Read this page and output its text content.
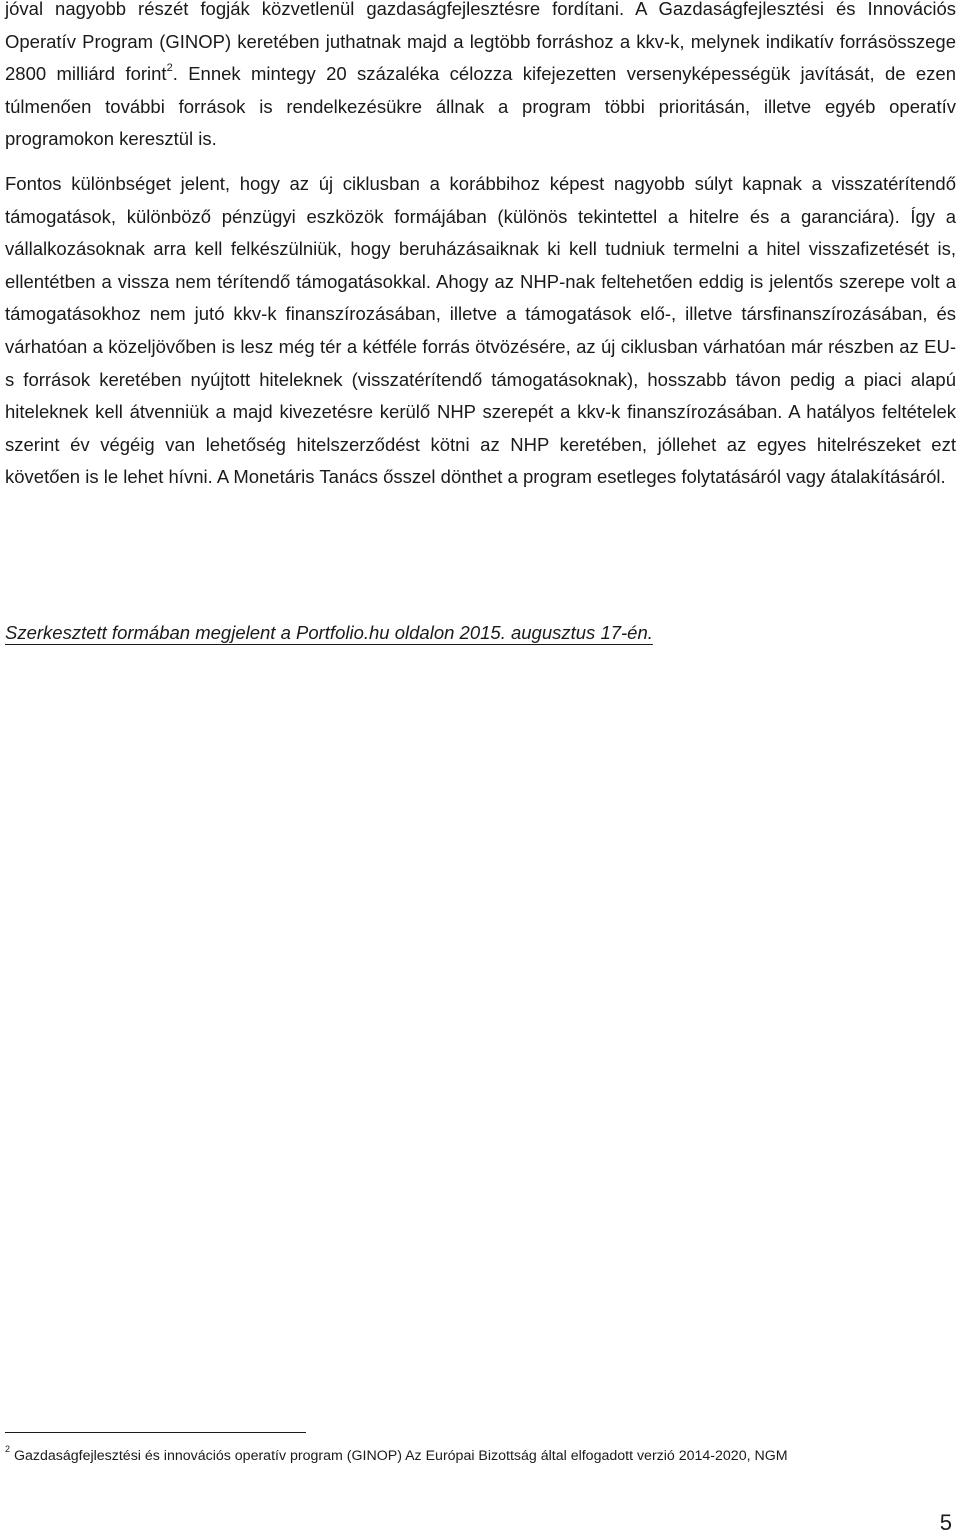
jóval nagyobb részét fogják közvetlenül gazdaságfejlesztésre fordítani. A Gazdaságfejlesztési és Innovációs Operatív Program (GINOP) keretében juthatnak majd a legtöbb forráshoz a kkv-k, melynek indikatív forrásösszege 2800 milliárd forint$^2$. Ennek mintegy 20 százaléka célozza kifejezetten versenyképességük javítását, de ezen túlmenően további források is rendelkezésükre állnak a program többi prioritásán, illetve egyéb operatív programokon keresztül is.

Fontos különbséget jelent, hogy az új ciklusban a korábbihoz képest nagyobb súlyt kapnak a visszatérítendő támogatások, különböző pénzügyi eszközök formájában (különös tekintettel a hitelre és a garanciára). Így a vállalkozásoknak arra kell felkészülniük, hogy beruházásaiknak ki kell tudniuk termelni a hitel visszafizetését is, ellentétben a vissza nem térítendő támogatásokkal. Ahogy az NHP-nak feltehetően eddig is jelentős szerepe volt a támogatásokhoz nem jutó kkv-k finanszírozásában, illetve a támogatások elő-, illetve társfinanszírozásában, és várhatóan a közeljövőben is lesz még tér a kétféle forrás ötvözésére, az új ciklusban várhatóan már részben az EU-s források keretében nyújtott hiteleknek (visszatérítendő támogatásoknak), hosszabb távon pedig a piaci alapú hiteleknek kell átvenniük a majd kivezetésre kerülő NHP szerepét a kkv-k finanszírozásában. A hatályos feltételek szerint év végéig van lehetőség hitelszerződést kötni az NHP keretében, jóllehet az egyes hitelrészeket ezt követően is le lehet hívni. A Monetáris Tanács ősszel dönthet a program esetleges folytatásáról vagy átalakításáról.

Szerkesztett formában megjelent a Portfolio.hu oldalon 2015. augusztus 17-én.

$^2$ Gazdaságfejlesztési és innovációs operatív program (GINOP) Az Európai Bizottság által elfogadott verzió 2014-2020, NGM

5
